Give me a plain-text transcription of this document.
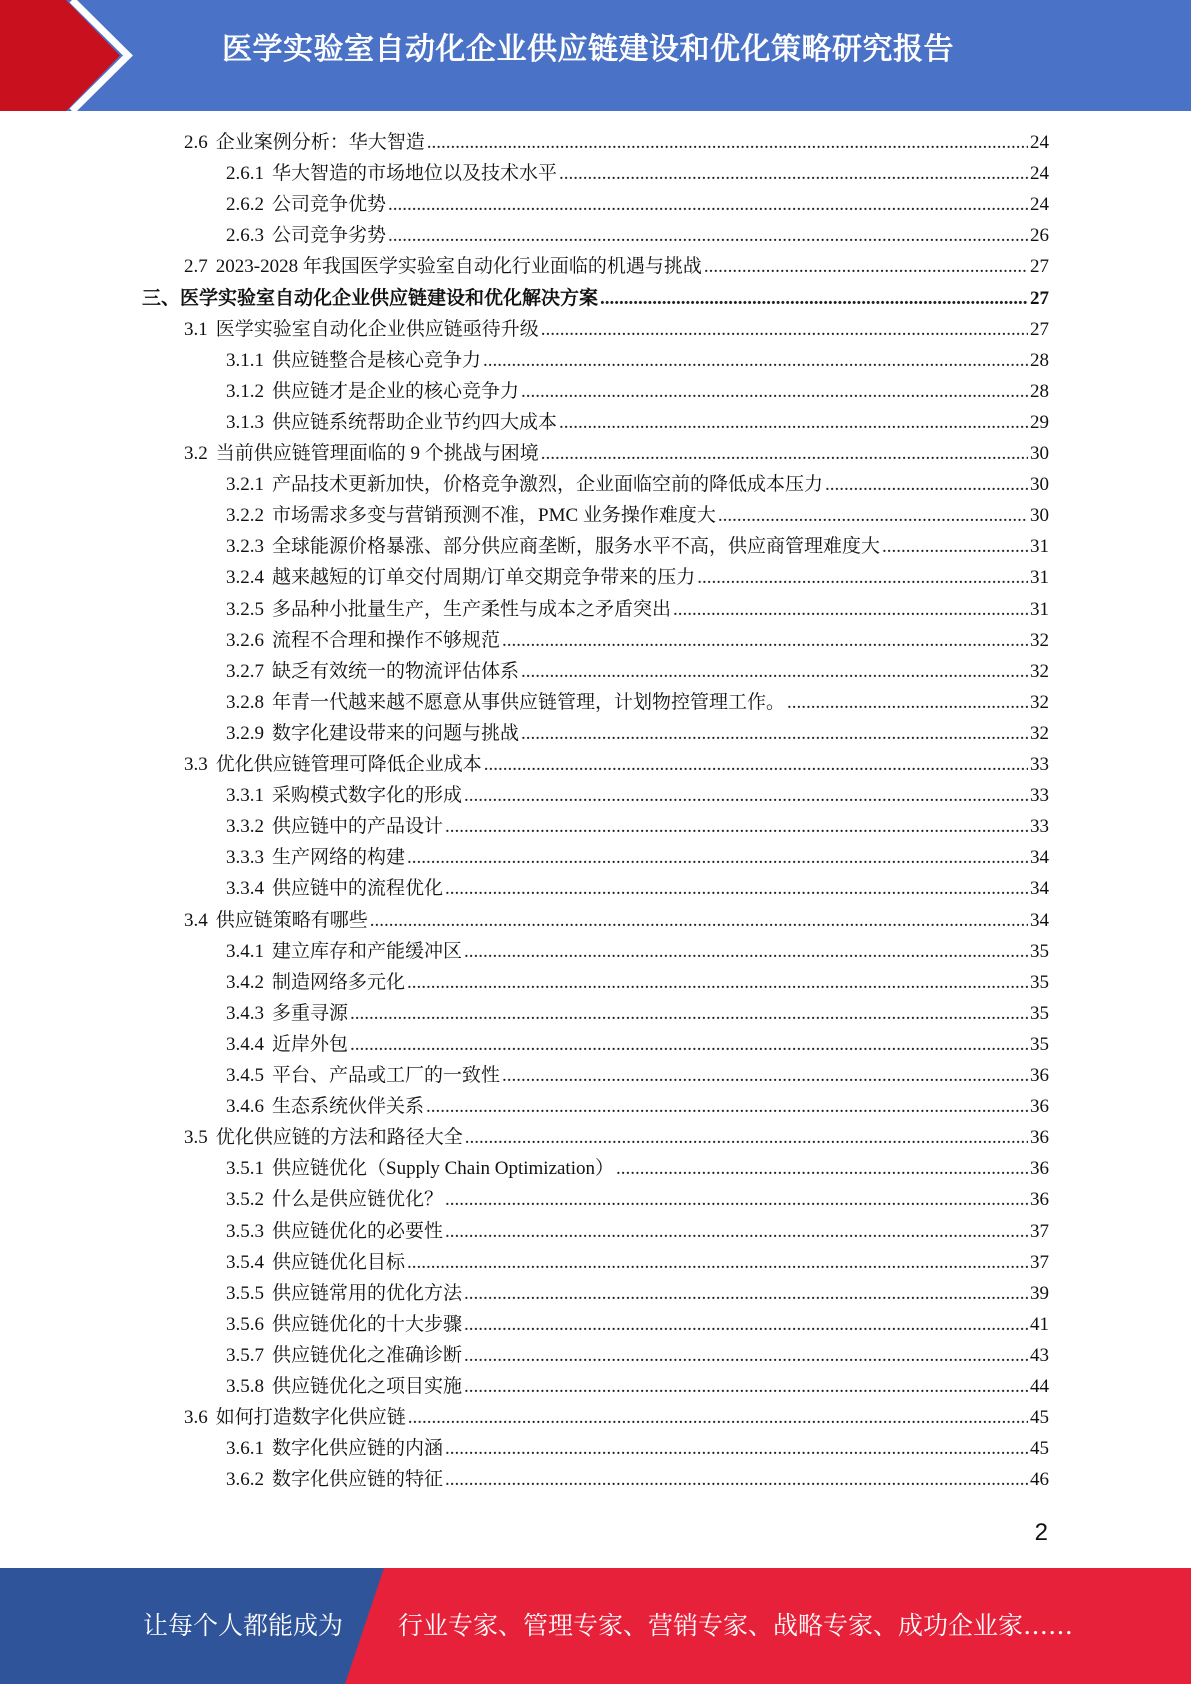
医学实验室自动化企业供应链建设和优化策略研究报告
2.6 企业案例分析：华大智造 .....	24
2.6.1 华大智造的市场地位以及技术水平 .....	24
2.6.2 公司竞争优势 .....	24
2.6.3 公司竞争劣势 .....	26
2.7 2023-2028 年我国医学实验室自动化行业面临的机遇与挑战 .....	27
三、 医学实验室自动化企业供应链建设和优化解决方案 .....	27
3.1 医学实验室自动化企业供应链亟待升级 .....	27
3.1.1 供应链整合是核心竞争力 .....	28
3.1.2 供应链才是企业的核心竞争力 .....	28
3.1.3 供应链系统帮助企业节约四大成本 .....	29
3.2 当前供应链管理面临的 9 个挑战与困境 .....	30
3.2.1 产品技术更新加快，价格竞争激烈，企业面临空前的降低成本压力 .....	30
3.2.2 市场需求多变与营销预测不准，PMC 业务操作难度大 .....	30
3.2.3 全球能源价格暴涨、部分供应商垄断，服务水平不高，供应商管理难度大 .....	31
3.2.4 越来越短的订单交付周期/订单交期竞争带来的压力 .....	31
3.2.5 多品种小批量生产，生产柔性与成本之矛盾突出 .....	31
3.2.6 流程不合理和操作不够规范 .....	32
3.2.7 缺乏有效统一的物流评估体系 .....	32
3.2.8 年青一代越来越不愿意从事供应链管理，计划物控管理工作。 .....	32
3.2.9 数字化建设带来的问题与挑战 .....	32
3.3 优化供应链管理可降低企业成本 .....	33
3.3.1 采购模式数字化的形成 .....	33
3.3.2 供应链中的产品设计 .....	33
3.3.3 生产网络的构建 .....	34
3.3.4 供应链中的流程优化 .....	34
3.4 供应链策略有哪些 .....	34
3.4.1 建立库存和产能缓冲区 .....	35
3.4.2 制造网络多元化 .....	35
3.4.3 多重寻源 .....	35
3.4.4 近岸外包 .....	35
3.4.5 平台、产品或工厂的一致性 .....	36
3.4.6 生态系统伙伴关系 .....	36
3.5 优化供应链的方法和路径大全 .....	36
3.5.1 供应链优化（Supply Chain Optimization） .....	36
3.5.2 什么是供应链优化？ .....	36
3.5.3 供应链优化的必要性 .....	37
3.5.4 供应链优化目标 .....	37
3.5.5 供应链常用的优化方法 .....	39
3.5.6 供应链优化的十大步骤 .....	41
3.5.7 供应链优化之准确诊断 .....	43
3.5.8 供应链优化之项目实施 .....	44
3.6 如何打造数字化供应链 .....	45
3.6.1 数字化供应链的内涵 .....	45
3.6.2 数字化供应链的特征 .....	46
2
让每个人都能成为 行业专家、管理专家、营销专家、战略专家、成功企业家……
